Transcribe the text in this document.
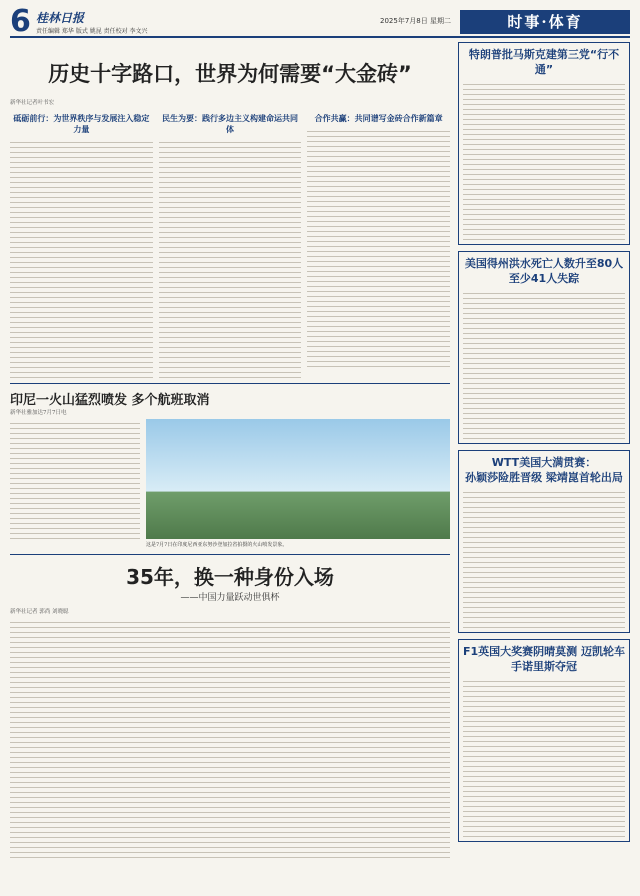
6 桂林日报
责任编辑 郑华 版式 姚昆 责任校对 李文兴
2025年7月8日 星期二	时事·体育
历史十字路口，世界为何需要“大金砖”
新华社记者叶书宏
砥砺前行：为世界秩序与发展注入稳定力量
民生为要：践行多边主义构建命运共同体
合作共赢：共同谱写金砖合作新篇章
印尼一火山猛烈喷发 多个航班取消
新华社雅加达7月7日电
这是7月7日在印度尼西亚东努沙登加拉省拍摄的火山喷发景象。
35年，换一种身份入场
——中国力量跃动世俱杯
新华社记者 郭尚 刘晓聪
特朗普批马斯克建第三党“行不通”
美国得州洪水死亡人数升至80人至少41人失踪
WTT美国大满贯赛：
孙颖莎险胜晋级 梁靖崑首轮出局
F1英国大奖赛阴晴莫测 迈凯轮车手诺里斯夺冠
